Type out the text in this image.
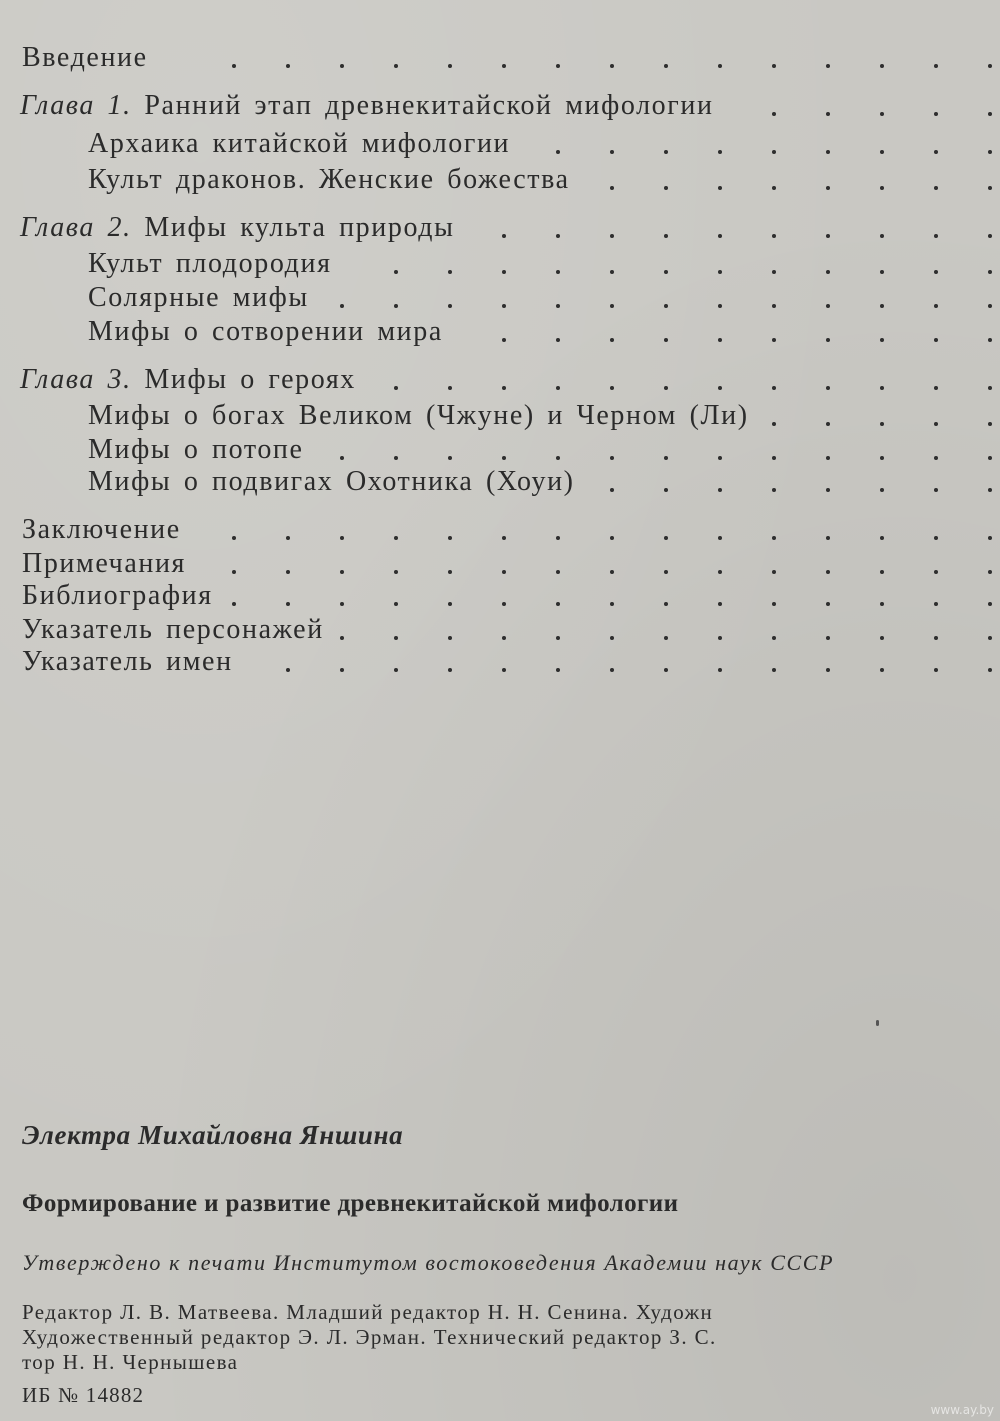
Введение
Глава 1. Ранний этап древнекитайской мифологии
Архаика китайской мифологии
Культ драконов. Женские божества
Глава 2. Мифы культа природы
Культ плодородия
Солярные мифы
Мифы о сотворении мира
Глава 3. Мифы о героях
Мифы о богах Великом (Чжуне) и Черном (Ли)
Мифы о потопе
Мифы о подвигах Охотника (Хоуи)
Заключение
Примечания
Библиография
Указатель персонажей
Указатель имен
Электра Михайловна Яншина
Формирование и развитие древнекитайской мифологии
Утверждено к печати Институтом востоковедения Академии наук СССР
Редактор Л. В. Матвеева. Младший редактор Н. Н. Сенина. Художн
Художественный редактор Э. Л. Эрман. Технический редактор З. С.
тор Н. Н. Чернышева
ИБ № 14882
www.ay.by
